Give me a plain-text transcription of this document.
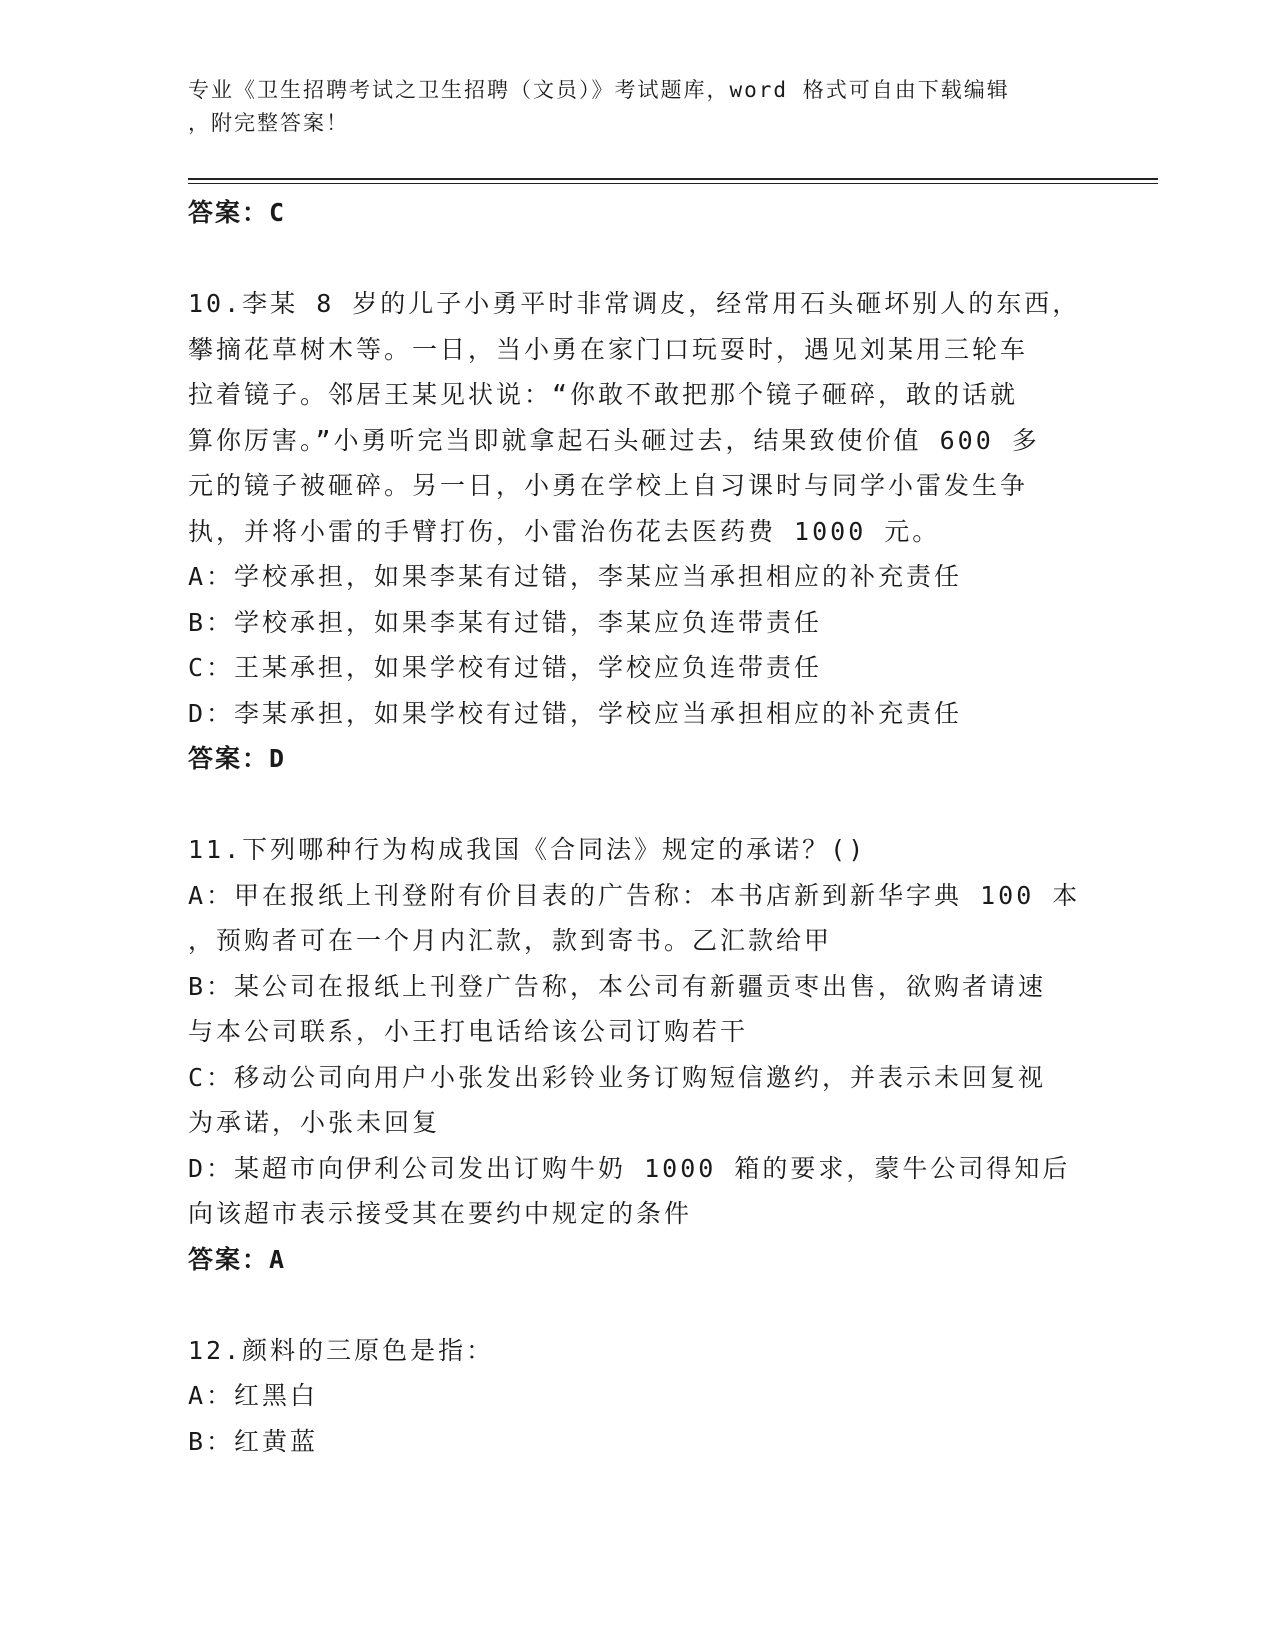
专业《卫生招聘考试之卫生招聘（文员）》考试题库，word 格式可自由下载编辑
，附完整答案！
答案：C
10.李某 8 岁的儿子小勇平时非常调皮，经常用石头砸坏别人的东西，
攀摘花草树木等。一日，当小勇在家门口玩耍时，遇见刘某用三轮车
拉着镜子。邻居王某见状说：“你敢不敢把那个镜子砸碎，敢的话就
算你厉害。”小勇听完当即就拿起石头砸过去，结果致使价值 600 多
元的镜子被砸碎。另一日，小勇在学校上自习课时与同学小雷发生争
执，并将小雷的手臂打伤，小雷治伤花去医药费 1000 元。
A：学校承担，如果李某有过错，李某应当承担相应的补充责任
B：学校承担，如果李某有过错，李某应负连带责任
C：王某承担，如果学校有过错，学校应负连带责任
D：李某承担，如果学校有过错，学校应当承担相应的补充责任
答案：D
11.下列哪种行为构成我国《合同法》规定的承诺？()
A：甲在报纸上刊登附有价目表的广告称：本书店新到新华字典 100 本
，预购者可在一个月内汇款，款到寄书。乙汇款给甲
B：某公司在报纸上刊登广告称，本公司有新疆贡枣出售，欲购者请速
与本公司联系，小王打电话给该公司订购若干
C：移动公司向用户小张发出彩铃业务订购短信邀约，并表示未回复视
为承诺，小张未回复
D：某超市向伊利公司发出订购牛奶 1000 箱的要求，蒙牛公司得知后
向该超市表示接受其在要约中规定的条件
答案：A
12.颜料的三原色是指：
A：红黑白
B：红黄蓝
